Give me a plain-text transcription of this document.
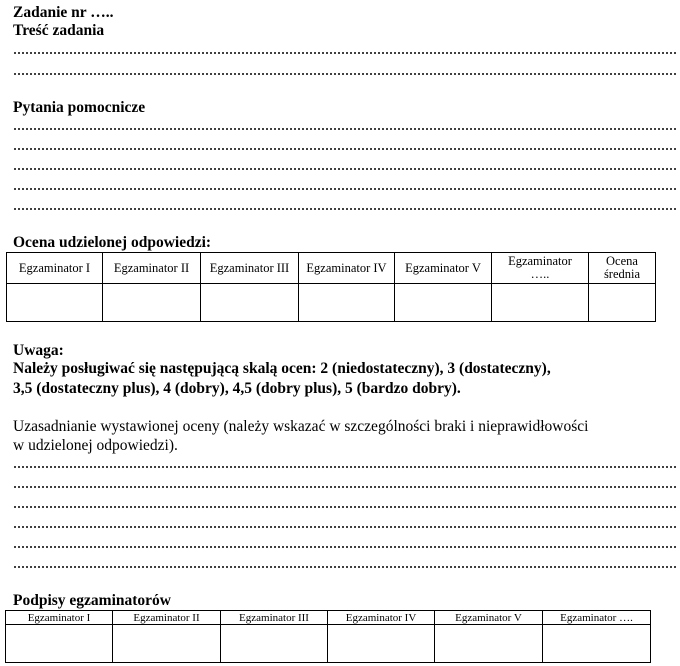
Zadanie nr …..
Treść zadania
Pytania pomocnicze
Ocena udzielonej odpowiedzi:
Egzaminator I	Egzaminator II	Egzaminator III	Egzaminator IV	Egzaminator V	Egzaminator …..	Ocena średnia

Uwaga:
Należy posługiwać się następującą skalą ocen: 2 (niedostateczny), 3 (dostateczny),
3,5 (dostateczny plus), 4 (dobry), 4,5 (dobry plus), 5 (bardzo dobry).
Uzasadnianie wystawionej oceny (należy wskazać w szczególności braki i nieprawidłowości
w udzielonej odpowiedzi).
Podpisy egzaminatorów
Egzaminator I	Egzaminator II	Egzaminator III	Egzaminator IV	Egzaminator V	Egzaminator ….
